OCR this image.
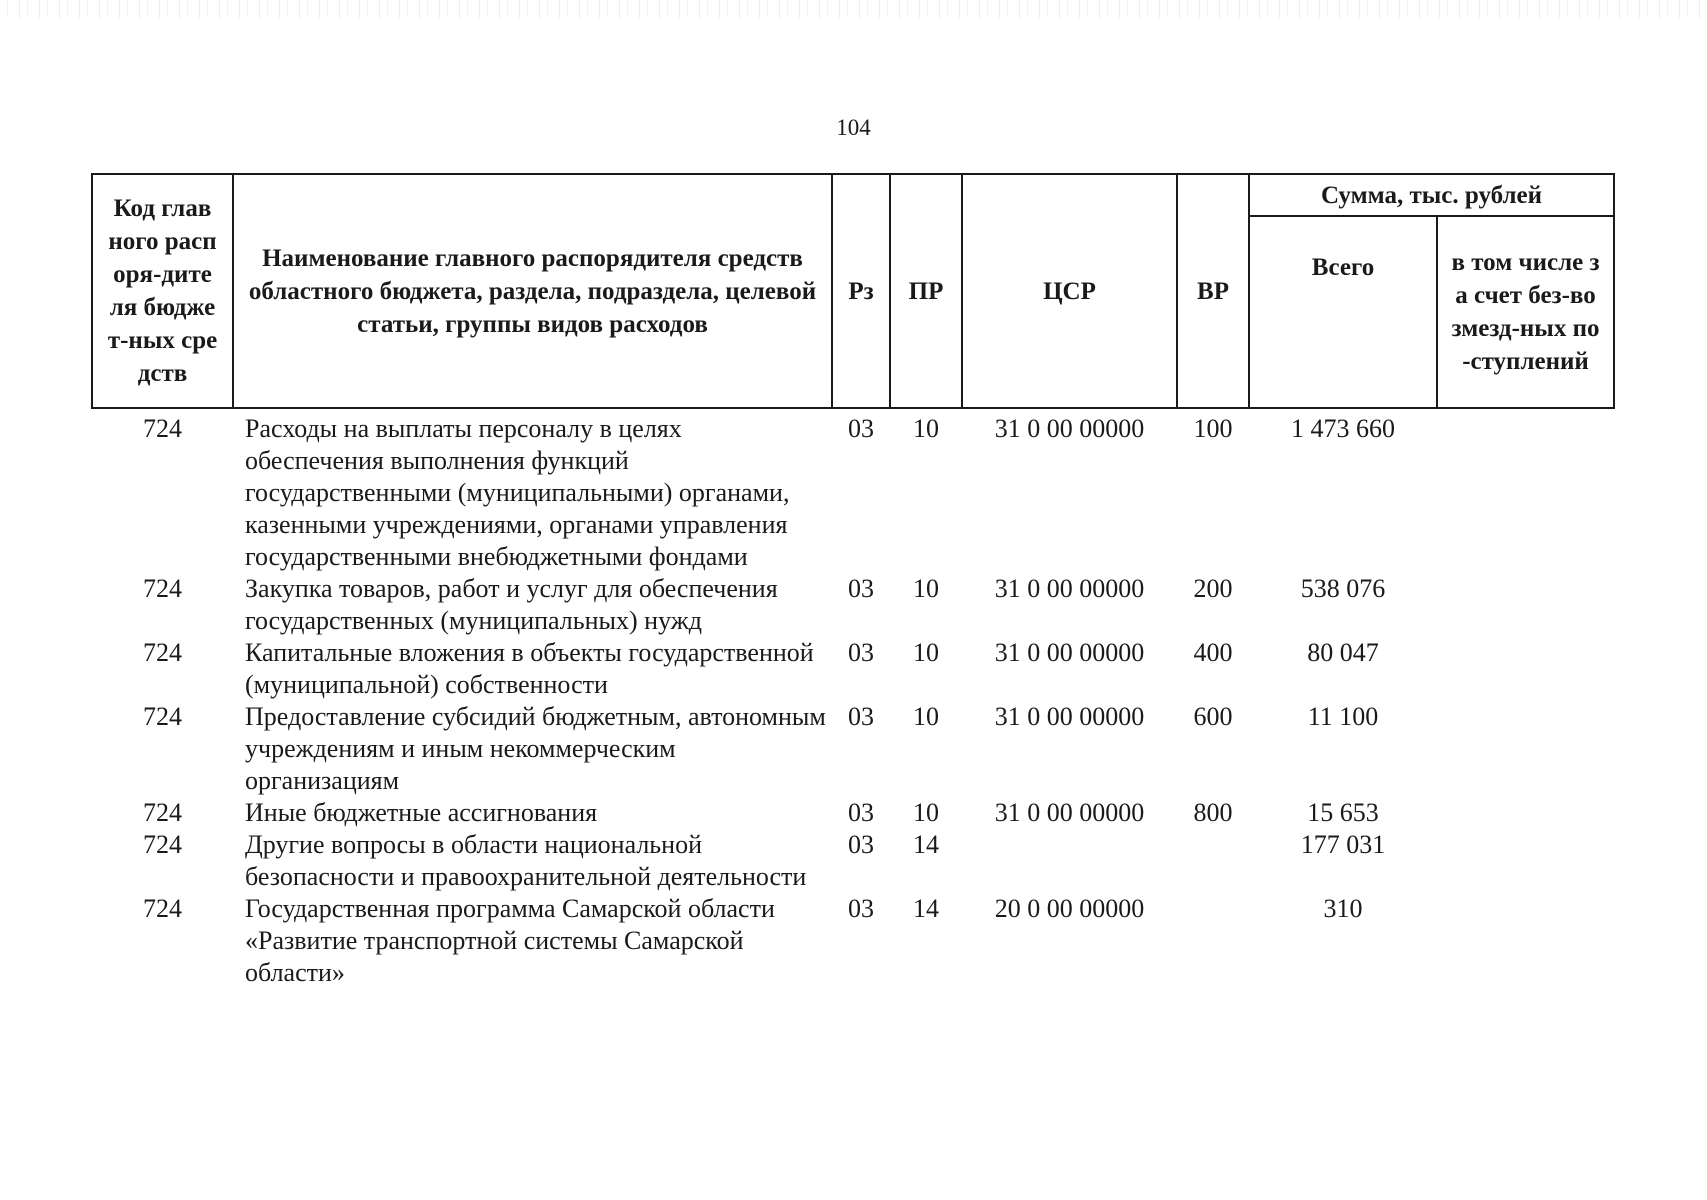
104
Код главного распоря-дителя бюджет-ных средств	Наименование главного распорядителя средств областного бюджета, раздела, подраздела, целевой статьи, группы видов расходов	Рз	ПР	ЦСР	ВР	Сумма, тыс. рублей	
						Всего	в том числе за счет без-возмезд-ных по-ступлений

724	Расходы на выплаты персоналу в целях обеспечения выполнения функций государственными (муниципальными) органами, казенными учреждениями, органами управления государственными внебюджетными фондами	03	10	31 0 00 00000	100	1 473 660	
724	Закупка товаров, работ и услуг для обеспечения государственных (муниципальных) нужд	03	10	31 0 00 00000	200	538 076	
724	Капитальные вложения в объекты государственной (муниципальной) собственности	03	10	31 0 00 00000	400	80 047	
724	Предоставление субсидий бюджетным, автономным учреждениям и иным некоммерческим организациям	03	10	31 0 00 00000	600	11 100	
724	Иные бюджетные ассигнования	03	10	31 0 00 00000	800	15 653	
724	Другие вопросы в области национальной безопасности и правоохранительной деятельности	03	14			177 031	
724	Государственная программа Самарской области «Развитие транспортной системы Самарской области»	03	14	20 0 00 00000		310	
